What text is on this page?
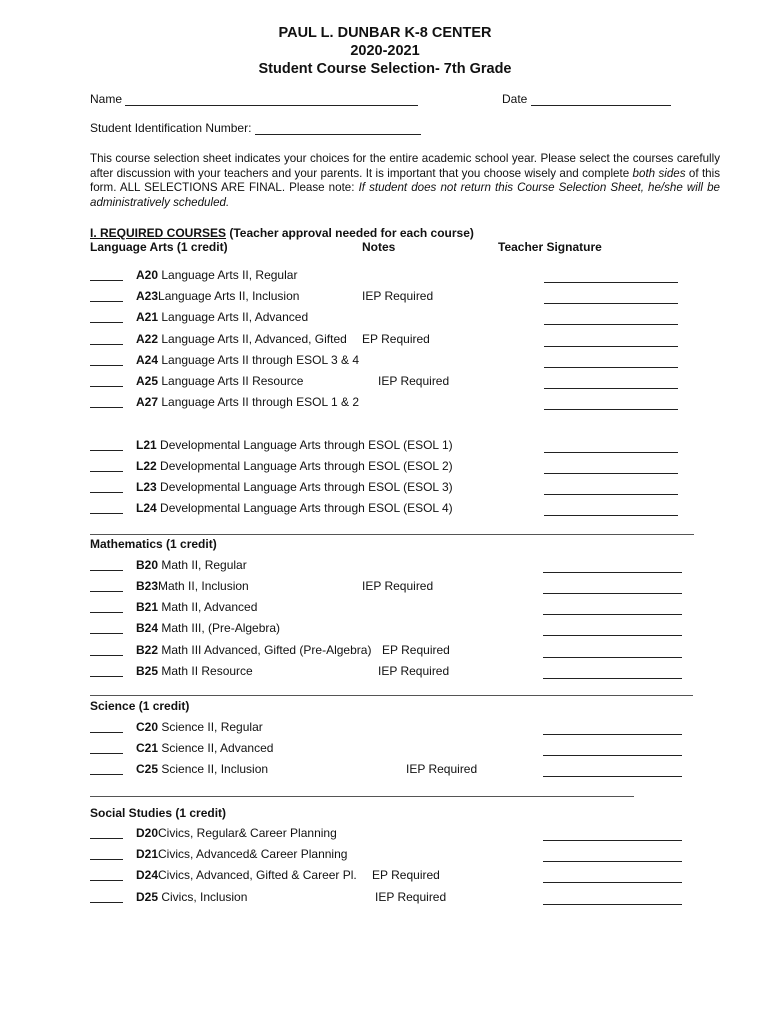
PAUL L. DUNBAR K-8 CENTER
2020-2021
Student Course Selection- 7th Grade
Name	Date
Student Identification Number:
This course selection sheet indicates your choices for the entire academic school year. Please select the courses carefully after discussion with your teachers and your parents. It is important that you choose wisely and complete both sides of this form. ALL SELECTIONS ARE FINAL. Please note: If student does not return this Course Selection Sheet, he/she will be administratively scheduled.
I. REQUIRED COURSES (Teacher approval needed for each course)
Language Arts (1 credit)	Notes	Teacher Signature
A20 Language Arts II, Regular
A23Language Arts II, Inclusion	IEP Required
A21 Language Arts II, Advanced
A22 Language Arts II, Advanced, Gifted EP Required
A24 Language Arts II through ESOL 3 & 4
A25 Language Arts II Resource	IEP Required
A27 Language Arts II through ESOL 1 & 2
L21 Developmental Language Arts through ESOL (ESOL 1)
L22 Developmental Language Arts through ESOL (ESOL 2)
L23 Developmental Language Arts through ESOL (ESOL 3)
L24 Developmental Language Arts through ESOL (ESOL 4)
B20 Math II, Regular
B23Math II, Inclusion	IEP Required
B21 Math II, Advanced
B24 Math III, (Pre-Algebra)
B22 Math III Advanced, Gifted (Pre-Algebra) EP Required
B25 Math II Resource	IEP Required
C20 Science II, Regular
C21 Science II, Advanced
C25 Science II, Inclusion	IEP Required
D20Civics, Regular& Career Planning
D21Civics, Advanced& Career Planning
D24Civics, Advanced, Gifted & Career Pl. EP Required
D25 Civics, Inclusion	IEP Required
Mathematics (1 credit)
Science (1 credit)
Social Studies (1 credit)
